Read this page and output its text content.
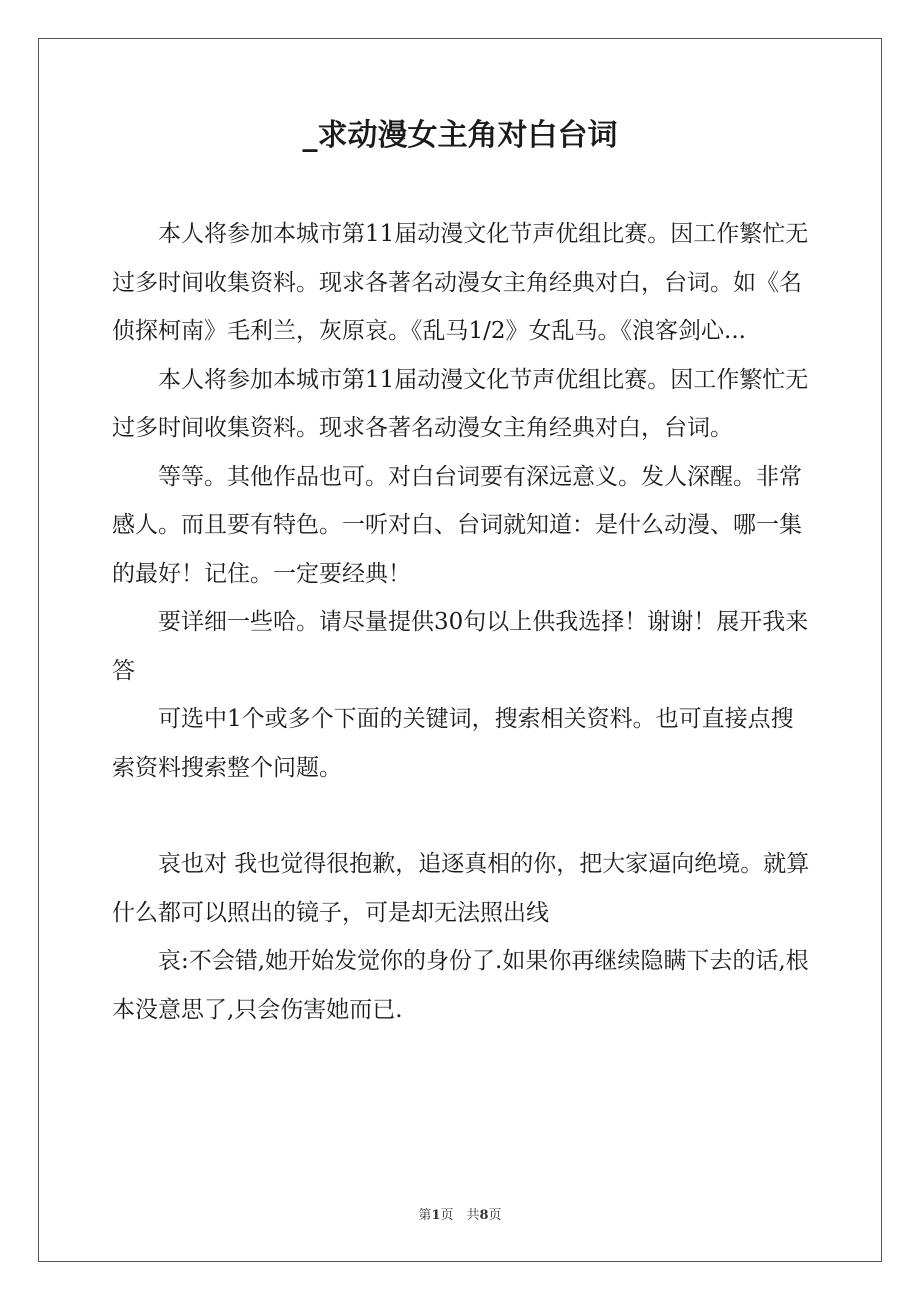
_求动漫女主角对白台词

本人将参加本城市第11届动漫文化节声优组比赛。因工作繁忙无过多时间收集资料。现求各著名动漫女主角经典对白，台词。如《名侦探柯南》毛利兰，灰原哀。《乱马1/2》女乱马。《浪客剑心...

本人将参加本城市第11届动漫文化节声优组比赛。因工作繁忙无过多时间收集资料。现求各著名动漫女主角经典对白，台词。

等等。其他作品也可。对白台词要有深远意义。发人深醒。非常感人。而且要有特色。一听对白、台词就知道：是什么动漫、哪一集的最好！记住。一定要经典！

要详细一些哈。请尽量提供30句以上供我选择！谢谢！展开我来答

可选中1个或多个下面的关键词，搜索相关资料。也可直接点搜索资料搜索整个问题。

哀也对 我也觉得很抱歉，追逐真相的你，把大家逼向绝境。就算什么都可以照出的镜子，可是却无法照出线

哀:不会错,她开始发觉你的身份了.如果你再继续隐瞒下去的话,根本没意思了,只会伤害她而已.

第1页　共8页
